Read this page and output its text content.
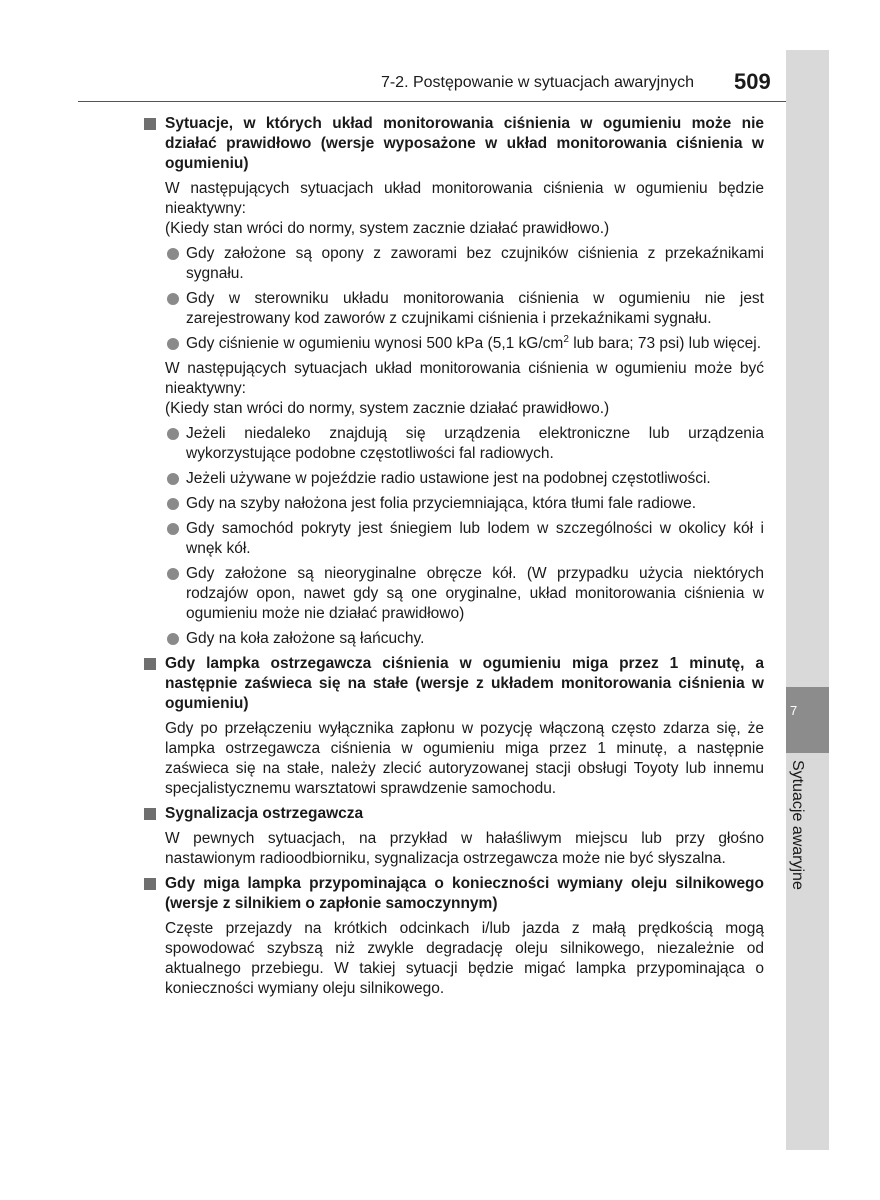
7
Sytuacje awaryjne
7-2. Postępowanie w sytuacjach awaryjnych 509
Sytuacje, w których układ monitorowania ciśnienia w ogumieniu może nie działać prawidłowo (wersje wyposażone w układ monitorowania ciśnienia w ogumieniu)

W następujących sytuacjach układ monitorowania ciśnienia w ogumieniu będzie nieaktywny:
(Kiedy stan wróci do normy, system zacznie działać prawidłowo.)

Gdy założone są opony z zaworami bez czujników ciśnienia z przekaźnikami sygnału.
Gdy w sterowniku układu monitorowania ciśnienia w ogumieniu nie jest zarejestrowany kod zaworów z czujnikami ciśnienia i przekaźnikami sygnału.
Gdy ciśnienie w ogumieniu wynosi 500 kPa (5,1 $kG/cm^2$ lub bara; 73 psi) lub więcej.

W następujących sytuacjach układ monitorowania ciśnienia w ogumieniu może być nieaktywny:
(Kiedy stan wróci do normy, system zacznie działać prawidłowo.)

Jeżeli niedaleko znajdują się urządzenia elektroniczne lub urządzenia wykorzystujące podobne częstotliwości fal radiowych.
Jeżeli używane w pojeździe radio ustawione jest na podobnej częstotliwości.
Gdy na szyby nałożona jest folia przyciemniająca, która tłumi fale radiowe.
Gdy samochód pokryty jest śniegiem lub lodem w szczególności w okolicy kół i wnęk kół.
Gdy założone są nieoryginalne obręcze kół. (W przypadku użycia niektórych rodzajów opon, nawet gdy są one oryginalne, układ monitorowania ciśnienia w ogumieniu może nie działać prawidłowo)
Gdy na koła założone są łańcuchy.
Gdy lampka ostrzegawcza ciśnienia w ogumieniu miga przez 1 minutę, a następnie zaświeca się na stałe (wersje z układem monitorowania ciśnienia w ogumieniu)

Gdy po przełączeniu wyłącznika zapłonu w pozycję włączoną często zdarza się, że lampka ostrzegawcza ciśnienia w ogumieniu miga przez 1 minutę, a następnie zaświeca się na stałe, należy zlecić autoryzowanej stacji obsługi Toyoty lub innemu specjalistycznemu warsztatowi sprawdzenie samochodu.

Sygnalizacja ostrzegawcza

W pewnych sytuacjach, na przykład w hałaśliwym miejscu lub przy głośno nastawionym radioodbiorniku, sygnalizacja ostrzegawcza może nie być słyszalna.

Gdy miga lampka przypominająca o konieczności wymiany oleju silnikowego (wersje z silnikiem o zapłonie samoczynnym)

Częste przejazdy na krótkich odcinkach i/lub jazda z małą prędkością mogą spowodować szybszą niż zwykle degradację oleju silnikowego, niezależnie od aktualnego przebiegu. W takiej sytuacji będzie migać lampka przypominająca o konieczności wymiany oleju silnikowego.
